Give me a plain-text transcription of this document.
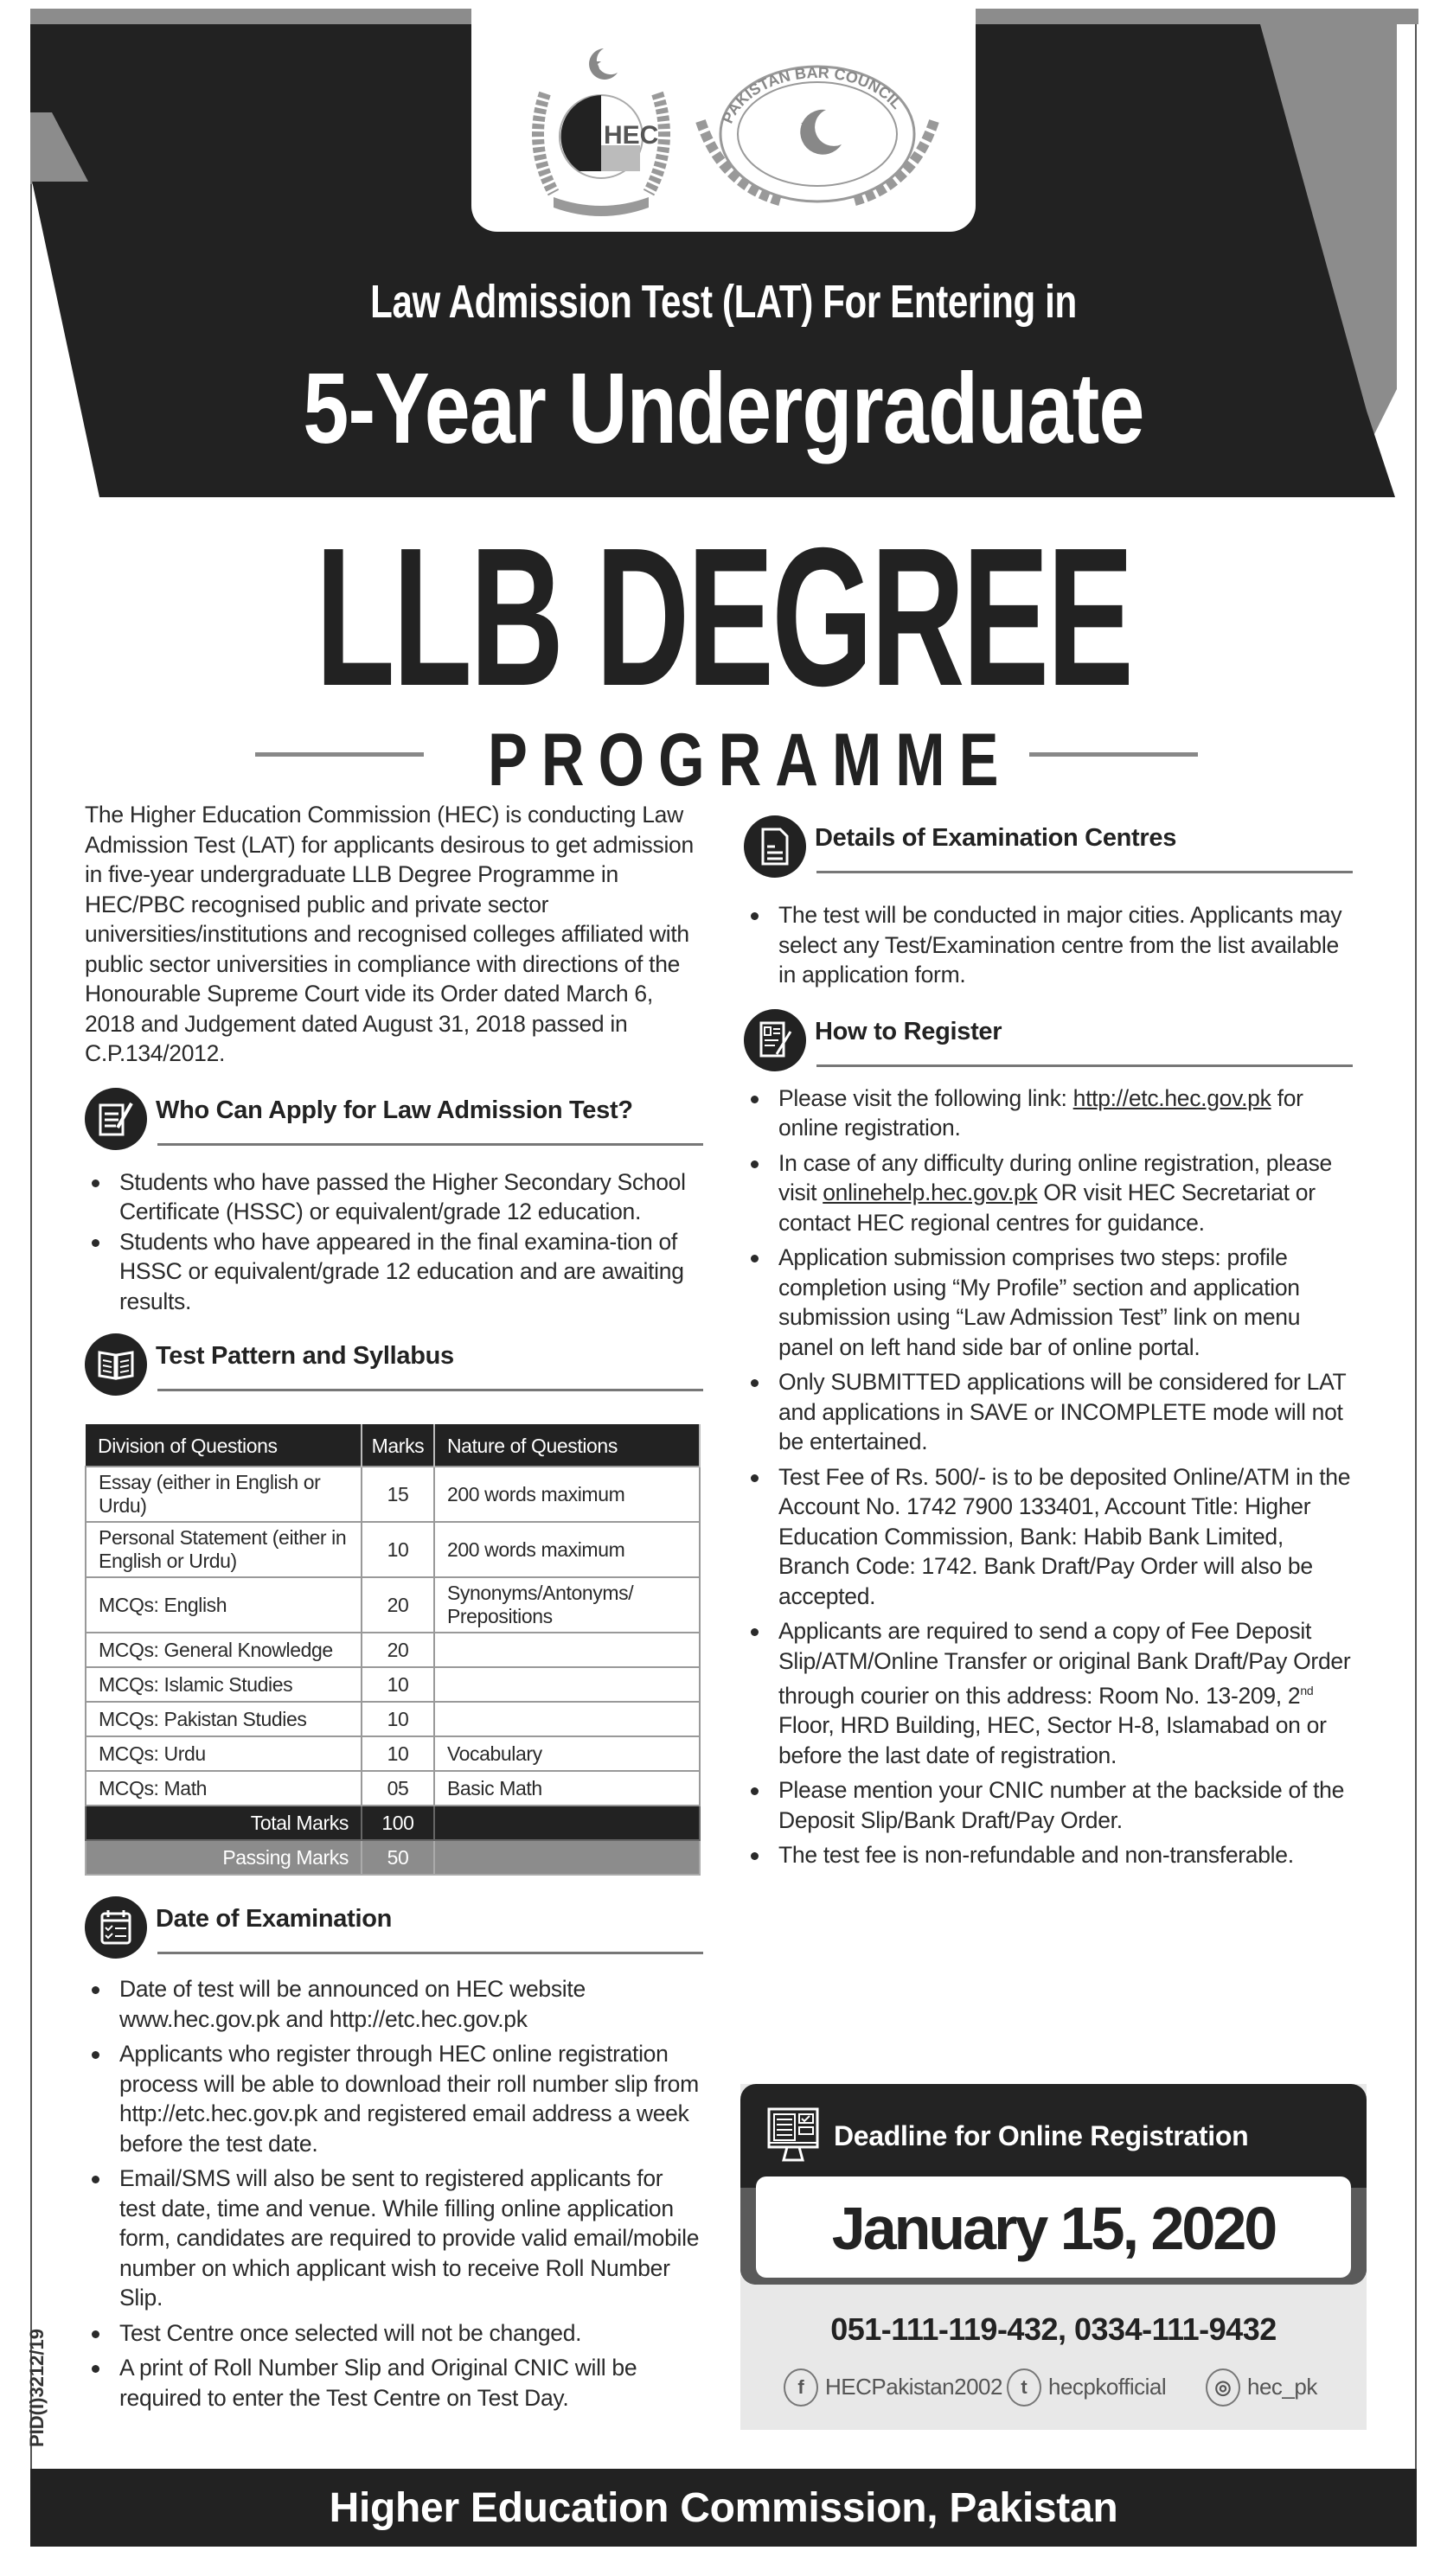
HEC
PAKISTAN BAR COUNCIL
Law Admission Test (LAT) For Entering in
5-Year Undergraduate
LLB DEGREE
PROGRAMME

The Higher Education Commission (HEC) is conducting Law Admission Test (LAT) for applicants desirous to get admission in five-year undergraduate LLB Degree Programme in HEC/PBC recognised public and private sector universities/institutions and recognised colleges affiliated with public sector universities in compliance with directions of the Honourable Supreme Court vide its Order dated March 6, 2018 and Judgement dated August 31, 2018 passed in C.P.134/2012.

Who Can Apply for Law Admission Test?
Students who have passed the Higher Secondary School Certificate (HSSC) or equivalent/grade 12 education.
Students who have appeared in the final examina-tion of HSSC or equivalent/grade 12 education and are awaiting results.
Test Pattern and Syllabus
Division of Questions	Marks	Nature of Questions
Essay (either in English or Urdu)	15	200 words maximum
Personal Statement (either in English or Urdu)	10	200 words maximum
MCQs: English	20	Synonyms/Antonyms/ Prepositions
MCQs: General Knowledge	20	
MCQs: Islamic Studies	10	
MCQs: Pakistan Studies	10	
MCQs: Urdu	10	Vocabulary
MCQs: Math	05	Basic Math
Total Marks	100	
Passing Marks	50	
Date of Examination
Date of test will be announced on HEC website www.hec.gov.pk and http://etc.hec.gov.pk
Applicants who register through HEC online registration process will be able to download their roll number slip from http://etc.hec.gov.pk and registered email address a week before the test date.
Email/SMS will also be sent to registered applicants for test date, time and venue. While filling online application form, candidates are required to provide valid email/mobile number on which applicant wish to receive Roll Number Slip.
Test Centre once selected will not be changed.
A print of Roll Number Slip and Original CNIC will be required to enter the Test Centre on Test Day.
Details of Examination Centres
The test will be conducted in major cities. Applicants may select any Test/Examination centre from the list available in application form.
How to Register
Please visit the following link: http://etc.hec.gov.pk for online registration.
In case of any difficulty during online registration, please visit onlinehelp.hec.gov.pk OR visit HEC Secretariat or contact HEC regional centres for guidance.
Application submission comprises two steps: profile completion using “My Profile” section and application submission using “Law Admission Test” link on menu panel on left hand side bar of online portal.
Only SUBMITTED applications will be considered for LAT and applications in SAVE or INCOMPLETE mode will not be entertained.
Test Fee of Rs. 500/- is to be deposited Online/ATM in the Account No. 1742 7900 133401, Account Title: Higher Education Commission, Bank: Habib Bank Limited, Branch Code: 1742. Bank Draft/Pay Order will also be accepted.
Applicants are required to send a copy of Fee Deposit Slip/ATM/Online Transfer or original Bank Draft/Pay Order through courier on this address: Room No. 13-209, 2nd Floor, HRD Building, HEC, Sector H-8, Islamabad on or before the last date of registration.
Please mention your CNIC number at the backside of the Deposit Slip/Bank Draft/Pay Order.
The test fee is non-refundable and non-transferable.
Deadline for Online Registration
January 15, 2020
051-111-119-432, 0334-111-9432
f HECPakistan2002 t hecpkofficial	◎ hec_pk
PID(I)3212/19
Higher Education Commission, Pakistan
